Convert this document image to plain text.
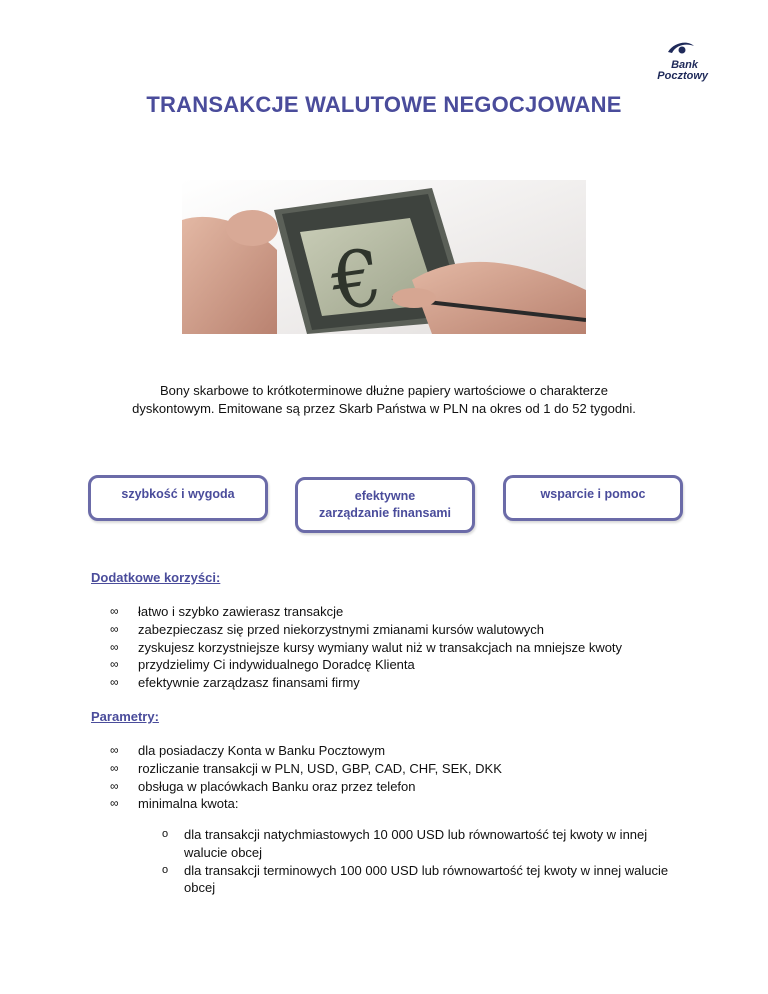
Bank
Pocztowy
TRANSAKCJE WALUTOWE NEGOCJOWANE
€
Bony skarbowe to krótkoterminowe dłużne papiery wartościowe o charakterze
dyskontowym. Emitowane są przez Skarb Państwa w PLN na okres od 1 do 52 tygodni.
szybkość i wygoda	efektywne
zarządzanie finansami
wsparcie i pomoc
Dodatkowe korzyści:
∞ łatwo i szybko zawierasz transakcje
∞ zabezpieczasz się przed niekorzystnymi zmianami kursów walutowych
∞ zyskujesz korzystniejsze kursy wymiany walut niż w transakcjach na mniejsze kwoty
∞ przydzielimy Ci indywidualnego Doradcę Klienta
∞ efektywnie zarządzasz finansami firmy
Parametry:
∞ dla posiadaczy Konta w Banku Pocztowym
∞ rozliczanie transakcji w PLN, USD, GBP, CAD, CHF, SEK, DKK
∞ obsługa w placówkach Banku oraz przez telefon
∞ minimalna kwota:
o dla transakcji natychmiastowych 10 000 USD lub równowartość tej kwoty w innej walucie obcej
o dla transakcji terminowych 100 000 USD lub równowartość tej kwoty w innej walucie obcej
